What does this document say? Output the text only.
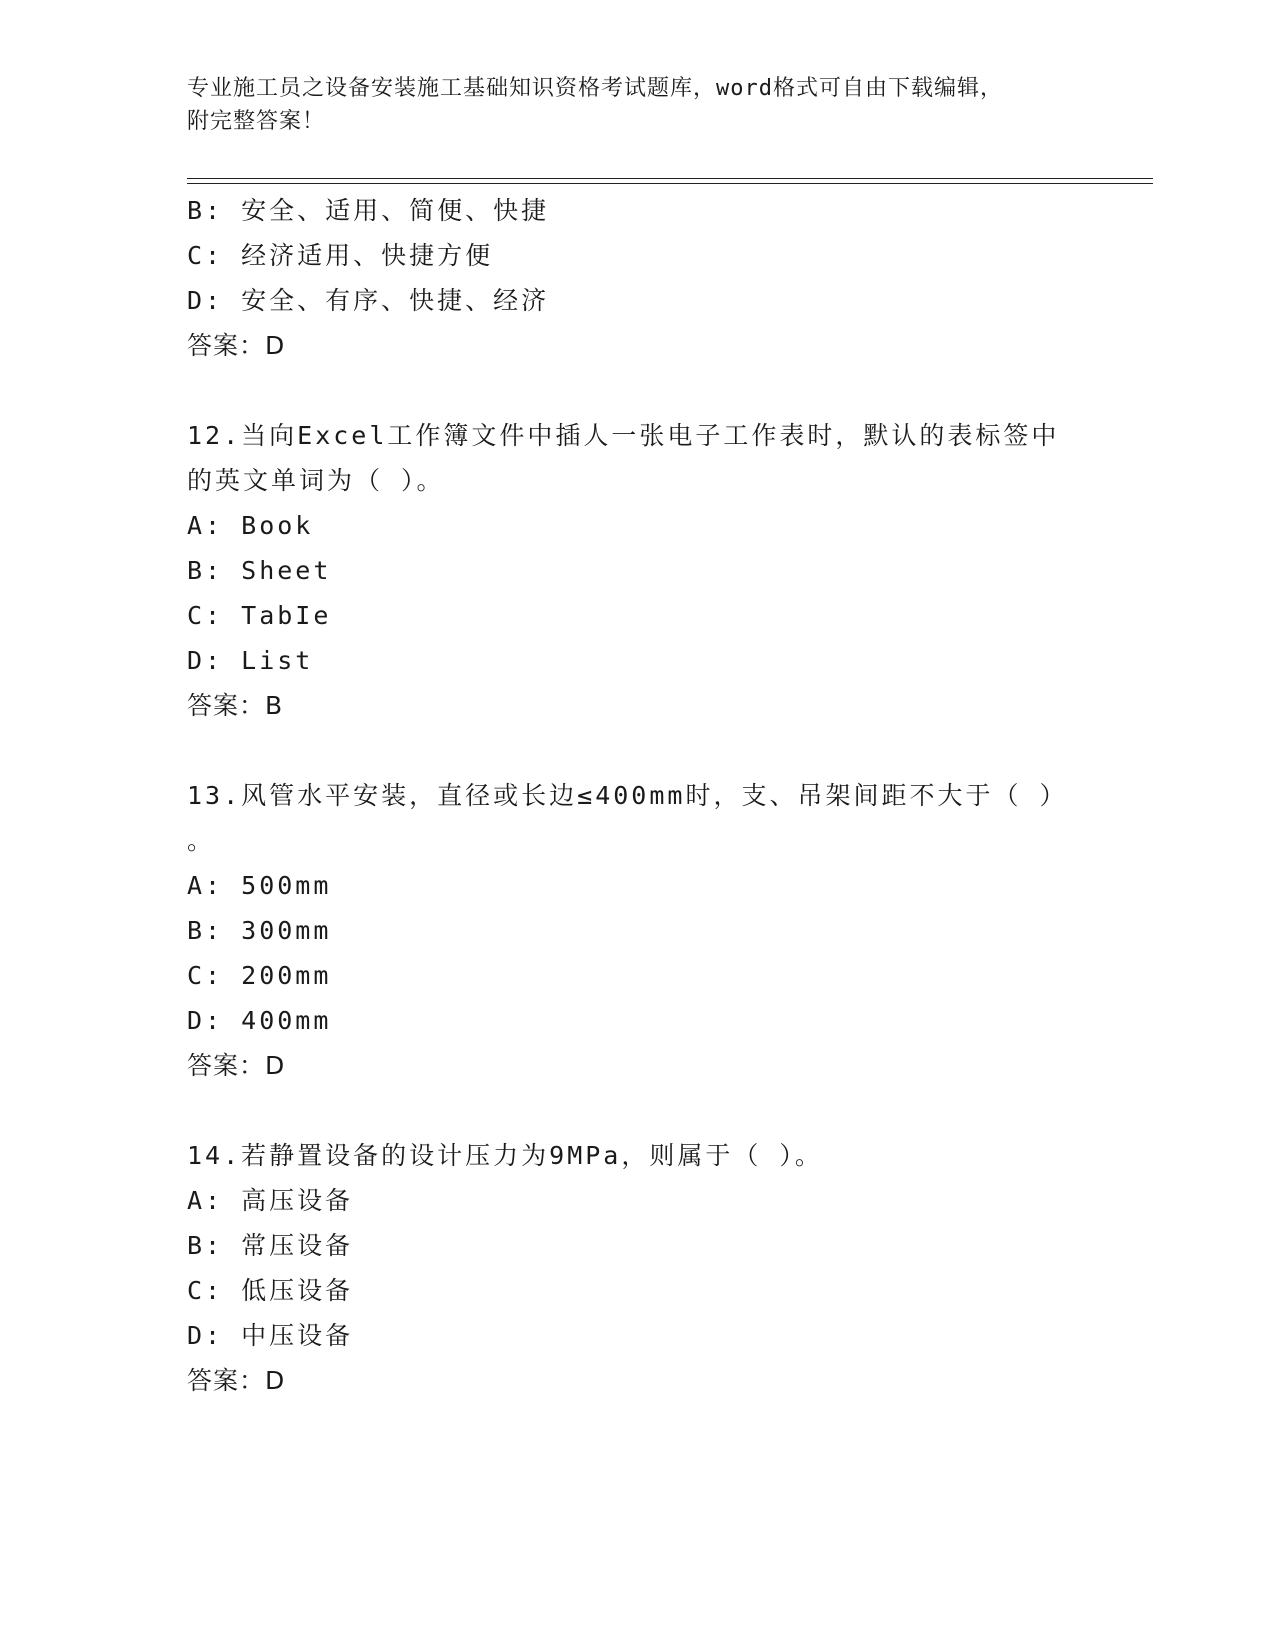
专业施工员之设备安装施工基础知识资格考试题库，word格式可自由下载编辑，
附完整答案！
B: 安全、适用、简便、快捷
C: 经济适用、快捷方便
D: 安全、有序、快捷、经济
答案：D
12.当向Excel工作簿文件中插人一张电子工作表时，默认的表标签中
的英文单词为（ ）。
A: Book
B: Sheet
C: TabIe
D: List
答案：B
13.风管水平安装，直径或长边≤400mm时，支、吊架间距不大于（ ）
。
A: 500mm
B: 300mm
C: 200mm
D: 400mm
答案：D
14.若静置设备的设计压力为9MPa，则属于（ ）。
A: 高压设备
B: 常压设备
C: 低压设备
D: 中压设备
答案：D
